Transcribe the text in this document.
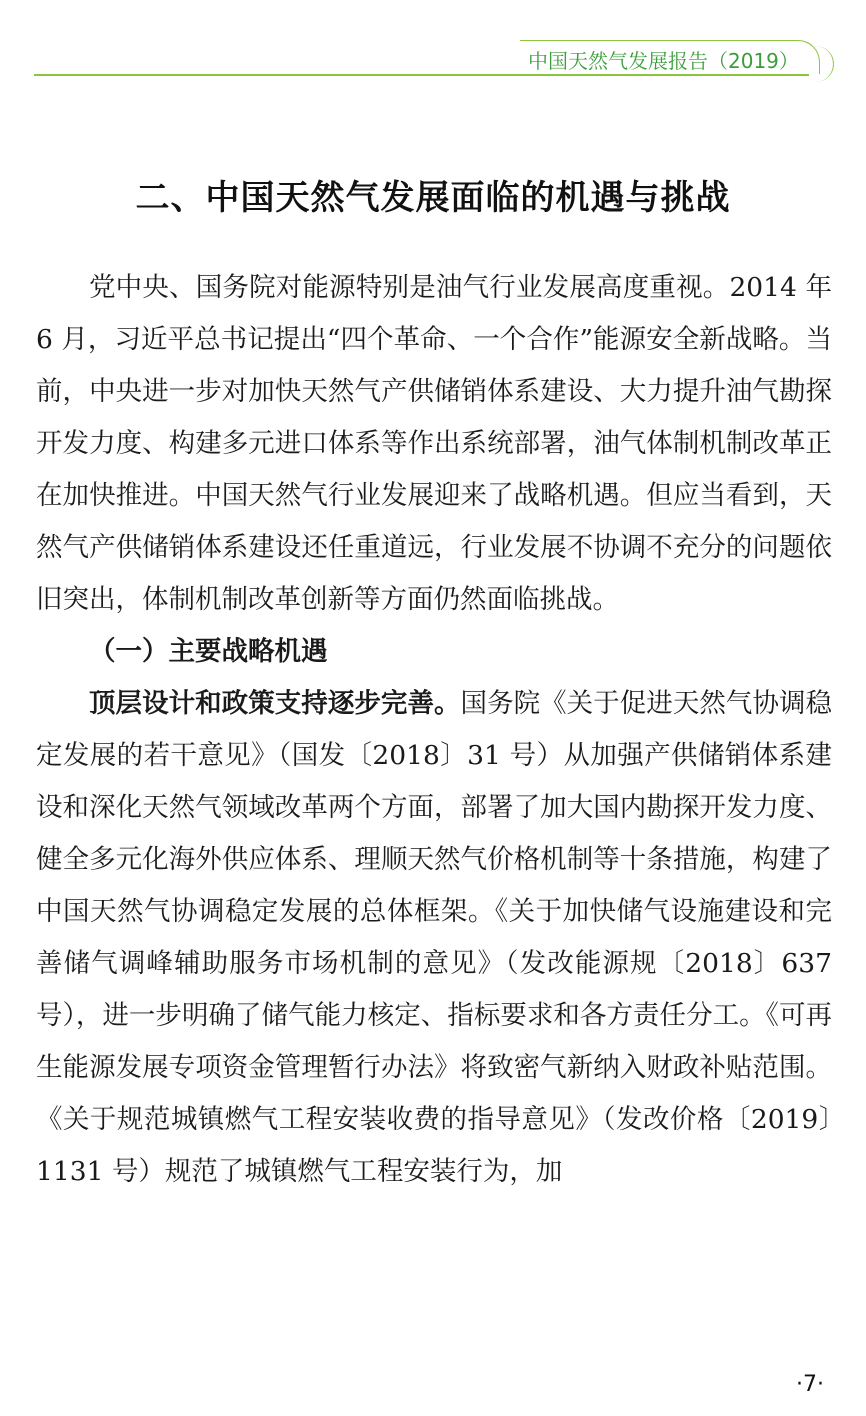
中国天然气发展报告（2019）
二、中国天然气发展面临的机遇与挑战

党中央、国务院对能源特别是油气行业发展高度重视。2014 年 6 月，习近平总书记提出“四个革命、一个合作”能源安全新战略。当前，中央进一步对加快天然气产供储销体系建设、大力提升油气勘探开发力度、构建多元进口体系等作出系统部署，油气体制机制改革正在加快推进。中国天然气行业发展迎来了战略机遇。但应当看到，天然气产供储销体系建设还任重道远，行业发展不协调不充分的问题依旧突出，体制机制改革创新等方面仍然面临挑战。

（一）主要战略机遇

顶层设计和政策支持逐步完善。国务院《关于促进天然气协调稳定发展的若干意见》（国发〔2018〕31 号）从加强产供储销体系建设和深化天然气领域改革两个方面，部署了加大国内勘探开发力度、健全多元化海外供应体系、理顺天然气价格机制等十条措施，构建了中国天然气协调稳定发展的总体框架。《关于加快储气设施建设和完善储气调峰辅助服务市场机制的意见》（发改能源规〔2018〕637 号），进一步明确了储气能力核定、指标要求和各方责任分工。《可再生能源发展专项资金管理暂行办法》将致密气新纳入财政补贴范围。《关于规范城镇燃气工程安装收费的指导意见》（发改价格〔2019〕1131 号）规范了城镇燃气工程安装行为，加

·7·
